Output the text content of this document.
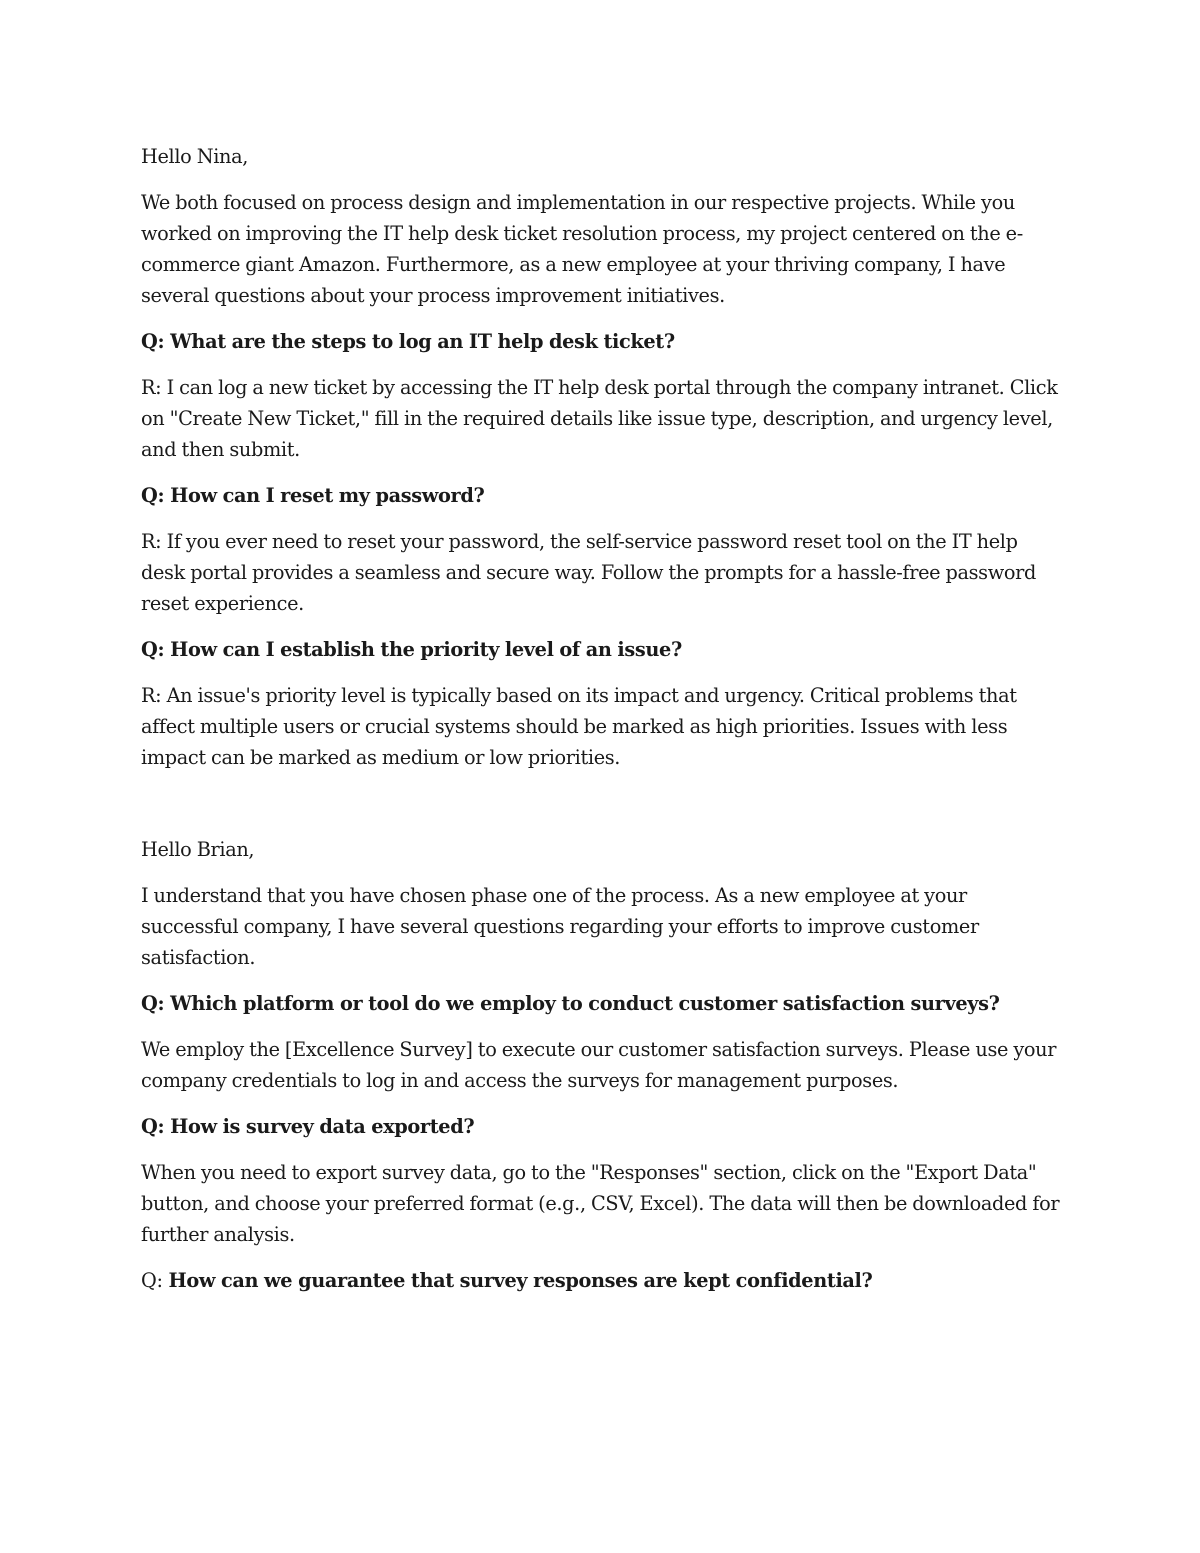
Hello Nina,

We both focused on process design and implementation in our respective projects. While you worked on improving the IT help desk ticket resolution process, my project centered on the e-commerce giant Amazon. Furthermore, as a new employee at your thriving company, I have several questions about your process improvement initiatives.

Q: What are the steps to log an IT help desk ticket?

R: I can log a new ticket by accessing the IT help desk portal through the company intranet. Click on "Create New Ticket," fill in the required details like issue type, description, and urgency level, and then submit.

Q: How can I reset my password?

R: If you ever need to reset your password, the self-service password reset tool on the IT help desk portal provides a seamless and secure way. Follow the prompts for a hassle-free password reset experience.

Q: How can I establish the priority level of an issue?

R: An issue's priority level is typically based on its impact and urgency. Critical problems that affect multiple users or crucial systems should be marked as high priorities. Issues with less impact can be marked as medium or low priorities.

Hello Brian,

I understand that you have chosen phase one of the process. As a new employee at your successful company, I have several questions regarding your efforts to improve customer satisfaction.

Q: Which platform or tool do we employ to conduct customer satisfaction surveys?

We employ the [Excellence Survey] to execute our customer satisfaction surveys. Please use your company credentials to log in and access the surveys for management purposes.

Q: How is survey data exported?

When you need to export survey data, go to the "Responses" section, click on the "Export Data" button, and choose your preferred format (e.g., CSV, Excel). The data will then be downloaded for further analysis.

Q: How can we guarantee that survey responses are kept confidential?
